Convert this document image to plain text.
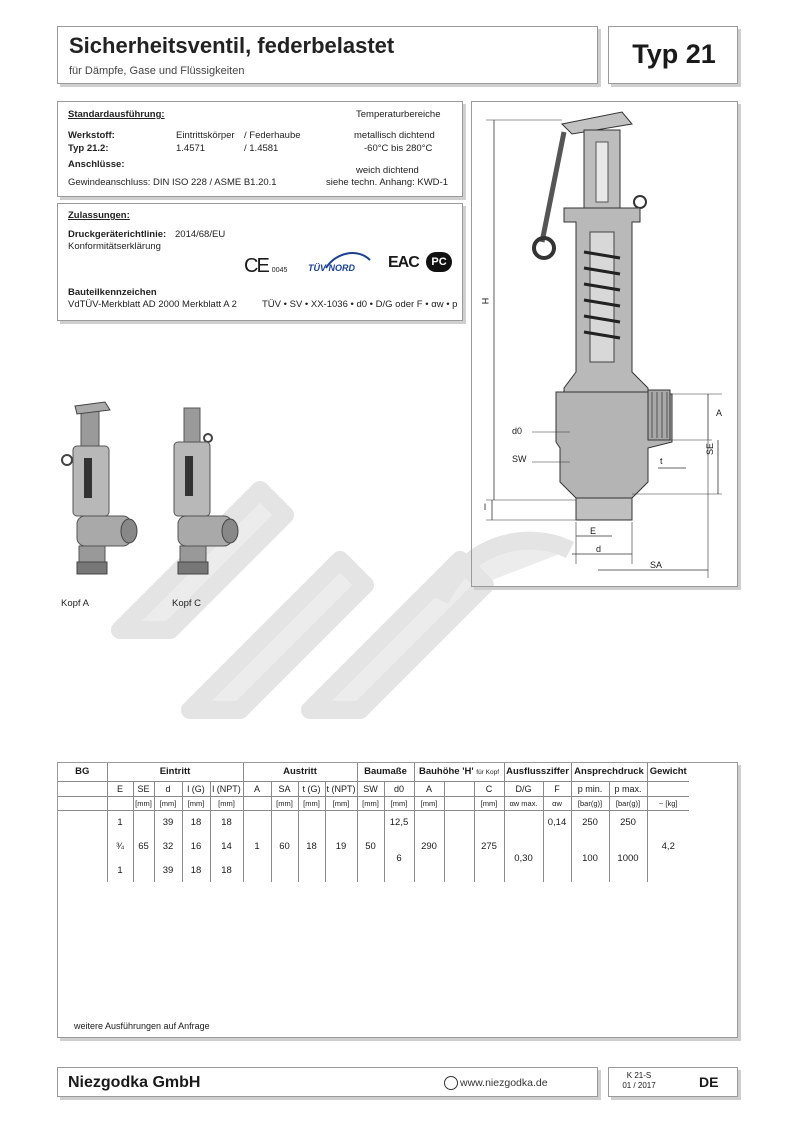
Sicherheitsventil, federbelastet
für Dämpfe, Gase und Flüssigkeiten
Typ 21
Standardausführung:	Temperaturbereiche
Werkstoff:	Eintrittskörper / Federhaube	metallisch dichtend
Typ 21.2:	1.4571	/ 1.4581	-60°C bis 280°C
Anschlüsse:
weich dichtend
Gewindeanschluss: DIN ISO 228 / ASME B1.20.1	siehe techn. Anhang: KWD-1
Zulassungen:
Druckgeräterichtlinie: 2014/68/EU
Konformitätserklärung
CE 0045 TÜV NORD EAC	PC
Bauteilkennzeichen
VdTÜV-Merkblatt AD 2000 Merkblatt A 2	TÜV • SV • XX-1036 • d0 • D/G oder F • αw • p
Kopf A	Kopf C
H
A
SE
t
d0
SW
l
E
d
SA
BG	Eintritt					Austritt				Baumaße		Bauhöhe 'H' für Kopf			Ausflussziffer		Ansprechdruck		Gewicht
	E	SE	d	l (G)	l (NPT)	A	SA	t (G)	t (NPT)	SW	d0	A		C	D/G	F	p min.	p max.	
		[mm]	[mm]	[mm]	[mm]		[mm]	[mm]	[mm]	[mm]	[mm]	[mm]		[mm]	αw max.	αw	[bar(g)]	[bar(g)]	~ [kg]
	1	65	39	18	18	1	60	18	19	50	12,5	290		275		0,14	250	250	4,2
	¾		32	16	14						6				0,30		100	1000	
	1		39	18	18														
weitere Ausführungen auf Anfrage
Niezgodka GmbH	www.niezgodka.de
K 21-S
01 / 2017	DE
